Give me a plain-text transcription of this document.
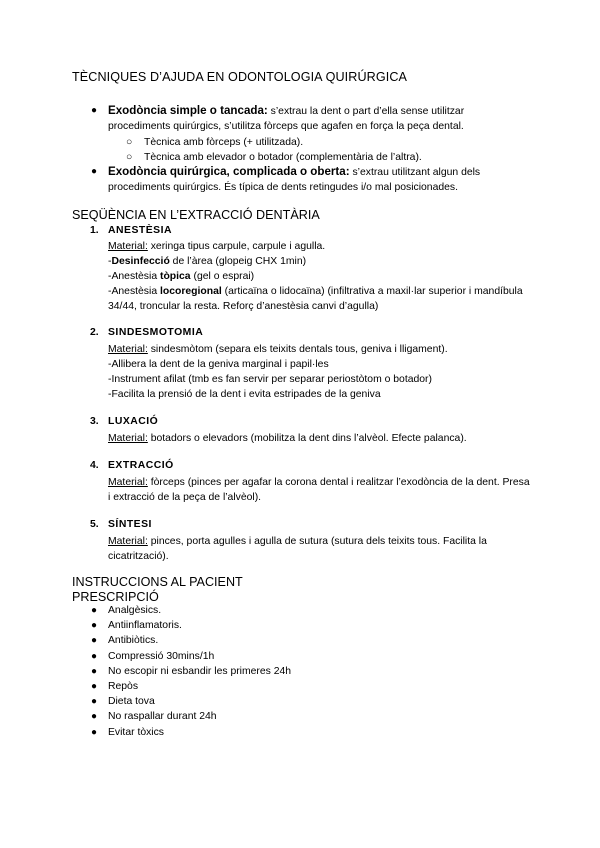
TÈCNIQUES D’AJUDA EN ODONTOLOGIA QUIRÚRGICA
● Exodòncia simple o tancada: s’extrau la dent o part d’ella sense utilitzar procediments quirúrgics, s’utilitza fòrceps que agafen en força la peça dental.
○ Tècnica amb fòrceps (+ utilitzada).
○ Tècnica amb elevador o botador (complementària de l’altra).
● Exodòncia quirúrgica, complicada o oberta: s’extrau utilitzant algun dels procediments quirúrgics. És típica de dents retingudes i/o mal posicionades.
SEQÜÈNCIA EN L’EXTRACCIÓ DENTÀRIA
1. ANESTÈSIA
Material: xeringa tipus carpule, carpule i agulla.
-Desinfecció de l’àrea (glopeig CHX 1min)
-Anestèsia tòpica (gel o esprai)
-Anestèsia locoregional (articaïna o lidocaïna) (infiltrativa a maxil·lar superior i mandíbula 34/44, troncular la resta. Reforç d’anestèsia canvi d’agulla)
2. SINDESMOTOMIA
Material: sindesmòtom (separa els teixits dentals tous, geniva i lligament).
-Allibera la dent de la geniva marginal i papil·les
-Instrument afilat (tmb es fan servir per separar periostòtom o botador)
-Facilita la prensió de la dent i evita estripades de la geniva
3. LUXACIÓ
Material: botadors o elevadors (mobilitza la dent dins l’alvèol. Efecte palanca).
4. EXTRACCIÓ
Material: fòrceps (pinces per agafar la corona dental i realitzar l’exodòncia de la dent. Presa i extracció de la peça de l’alvèol).
5. SÍNTESI
Material: pinces, porta agulles i agulla de sutura (sutura dels teixits tous. Facilita la cicatrització).
INSTRUCCIONS AL PACIENT
PRESCRIPCIÓ
● Analgèsics.
● Antiinflamatoris.
● Antibiòtics.
● Compressió 30mins/1h
● No escopir ni esbandir les primeres 24h
● Repòs
● Dieta tova
● No raspallar durant 24h
● Evitar tòxics
